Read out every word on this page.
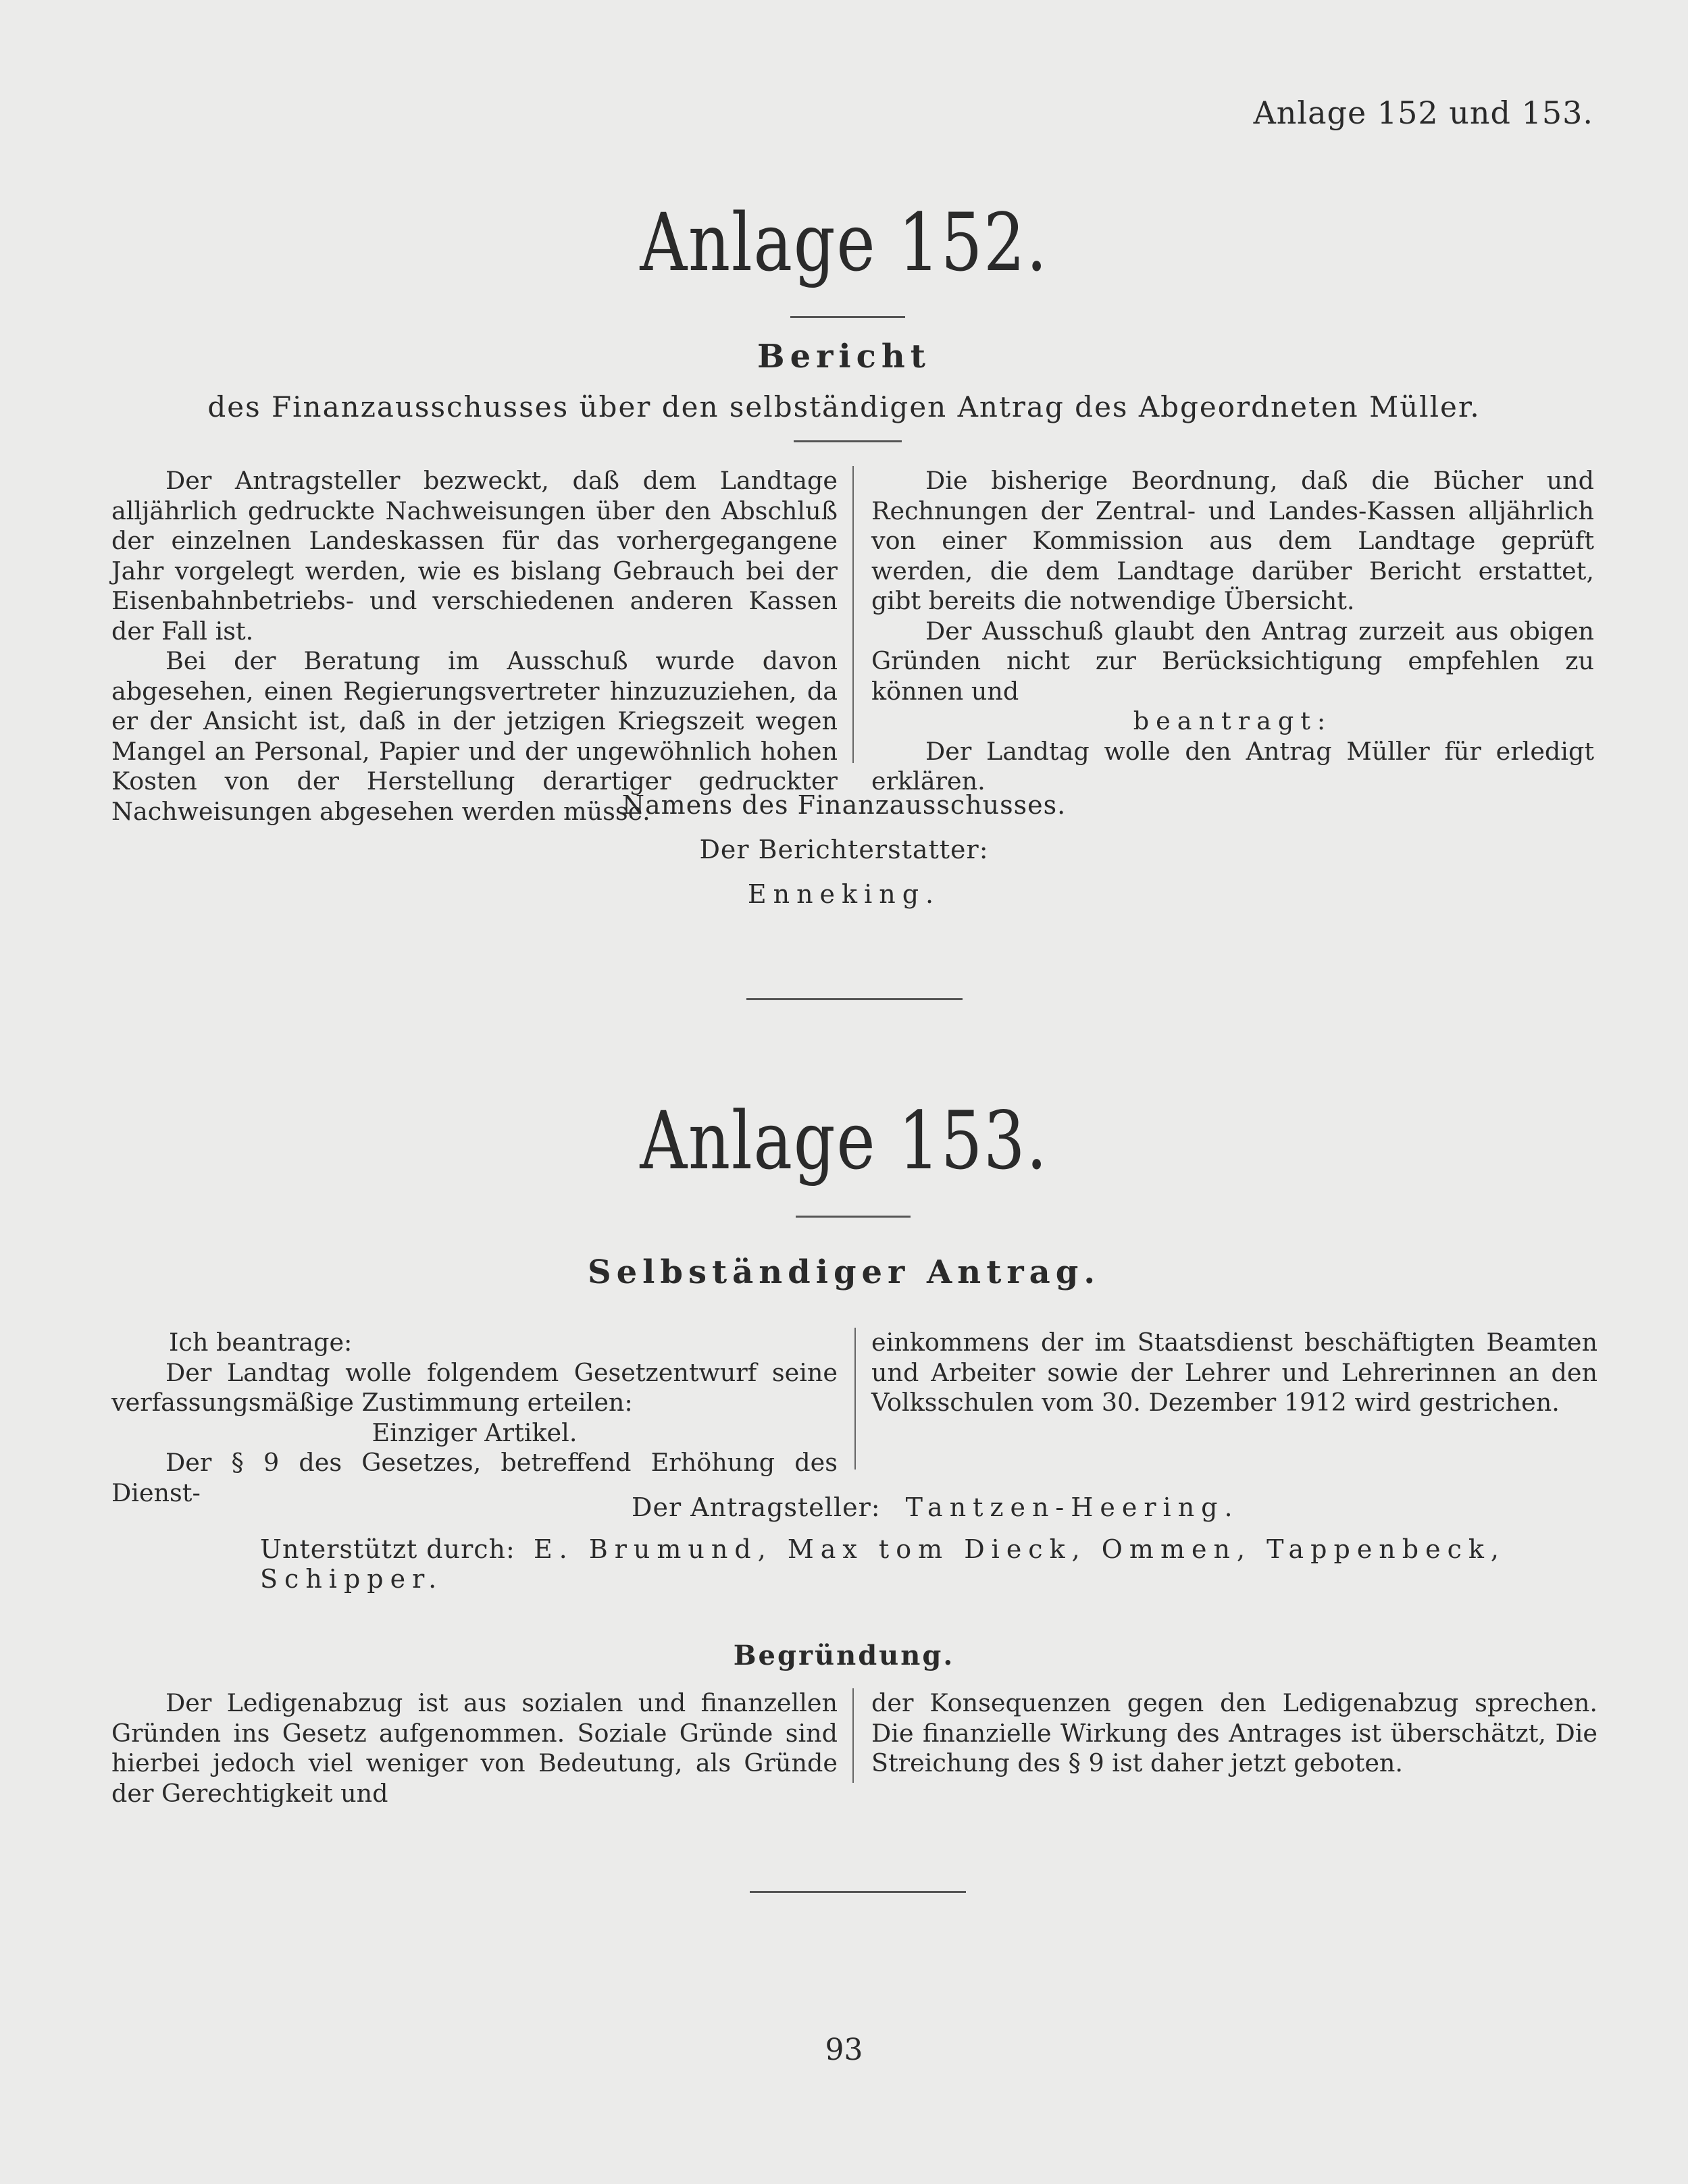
Anlage 152 und 153.
Anlage 152.
Bericht
des Finanzausschusses über den selbständigen Antrag des Abgeordneten Müller.

Der Antragsteller bezweckt, daß dem Landtage alljährlich gedruckte Nachweisungen über den Abschluß der einzelnen Landeskassen für das vorhergegangene Jahr vorgelegt werden, wie es bislang Gebrauch bei der Eisenbahnbetriebs- und verschiedenen anderen Kassen der Fall ist.

Bei der Beratung im Ausschuß wurde davon abgesehen, einen Regierungsvertreter hinzuzuziehen, da er der Ansicht ist, daß in der jetzigen Kriegszeit wegen Mangel an Personal, Papier und der ungewöhnlich hohen Kosten von der Herstellung derartiger gedruckter Nachweisungen abgesehen werden müsse.

Die bisherige Beordnung, daß die Bücher und Rechnungen der Zentral- und Landes-Kassen alljährlich von einer Kommission aus dem Landtage geprüft werden, die dem Landtage darüber Bericht erstattet, gibt bereits die notwendige Übersicht.

Der Ausschuß glaubt den Antrag zurzeit aus obigen Gründen nicht zur Berücksichtigung empfehlen zu können und

beantragt:

Der Landtag wolle den Antrag Müller für erledigt erklären.

Namens des Finanzausschusses.
Der Berichterstatter:
Enneking.
Anlage 153.
Selbständiger Antrag.

Ich beantrage:

Der Landtag wolle folgendem Gesetzentwurf seine verfassungsmäßige Zustimmung erteilen:

Einziger Artikel.

Der § 9 des Gesetzes, betreffend Erhöhung des Dienst-

einkommens der im Staatsdienst beschäftigten Beamten und Arbeiter sowie der Lehrer und Lehrerinnen an den Volksschulen vom 30. Dezember 1912 wird gestrichen.

Der Antragsteller: Tantzen-Heering.
Unterstützt durch: E. Brumund, Max tom Dieck, Ommen, Tappenbeck, Schipper.
Begründung.

Der Ledigenabzug ist aus sozialen und finanzellen Gründen ins Gesetz aufgenommen. Soziale Gründe sind hierbei jedoch viel weniger von Bedeutung, als Gründe der Gerechtigkeit und

der Konsequenzen gegen den Ledigenabzug sprechen. Die finanzielle Wirkung des Antrages ist überschätzt, Die Streichung des § 9 ist daher jetzt geboten.

93
